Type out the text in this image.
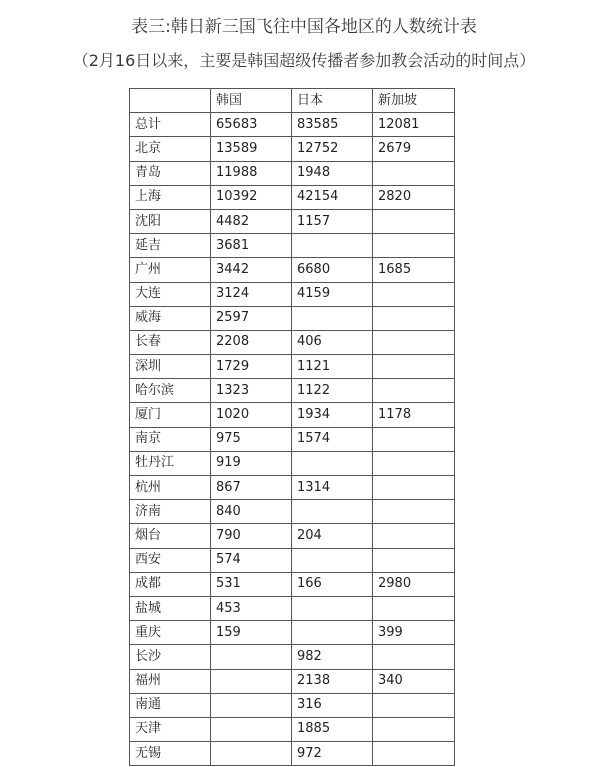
表三:韩日新三国飞往中国各地区的人数统计表
（2月16日以来，主要是韩国超级传播者参加教会活动的时间点）
	韩国	日本	新加坡
总计	65683	83585	12081
北京	13589	12752	2679
青岛	11988	1948	
上海	10392	42154	2820
沈阳	4482	1157	
延吉	3681		
广州	3442	6680	1685
大连	3124	4159	
威海	2597		
长春	2208	406	
深圳	1729	1121	
哈尔滨	1323	1122	
厦门	1020	1934	1178
南京	975	1574	
牡丹江	919		
杭州	867	1314	
济南	840		
烟台	790	204	
西安	574		
成都	531	166	2980
盐城	453		
重庆	159		399
长沙		982	
福州		2138	340
南通		316	
天津		1885	
无锡		972	
